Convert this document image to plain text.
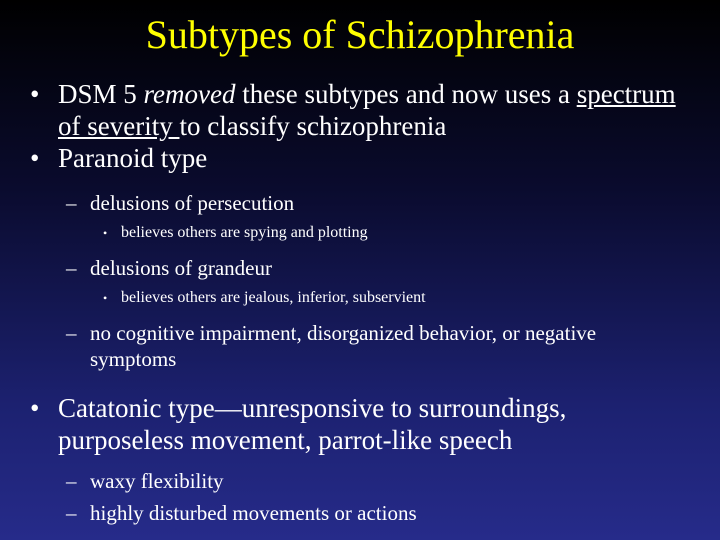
Subtypes of Schizophrenia
• DSM 5 removed these subtypes and now uses a spectrum of severity to classify schizophrenia
• Paranoid type
– delusions of persecution
• believes others are spying and plotting
– delusions of grandeur
• believes others are jealous, inferior, subservient
– no cognitive impairment, disorganized behavior, or negative symptoms
• Catatonic type—unresponsive to surroundings, purposeless movement, parrot-like speech
– waxy flexibility
– highly disturbed movements or actions
